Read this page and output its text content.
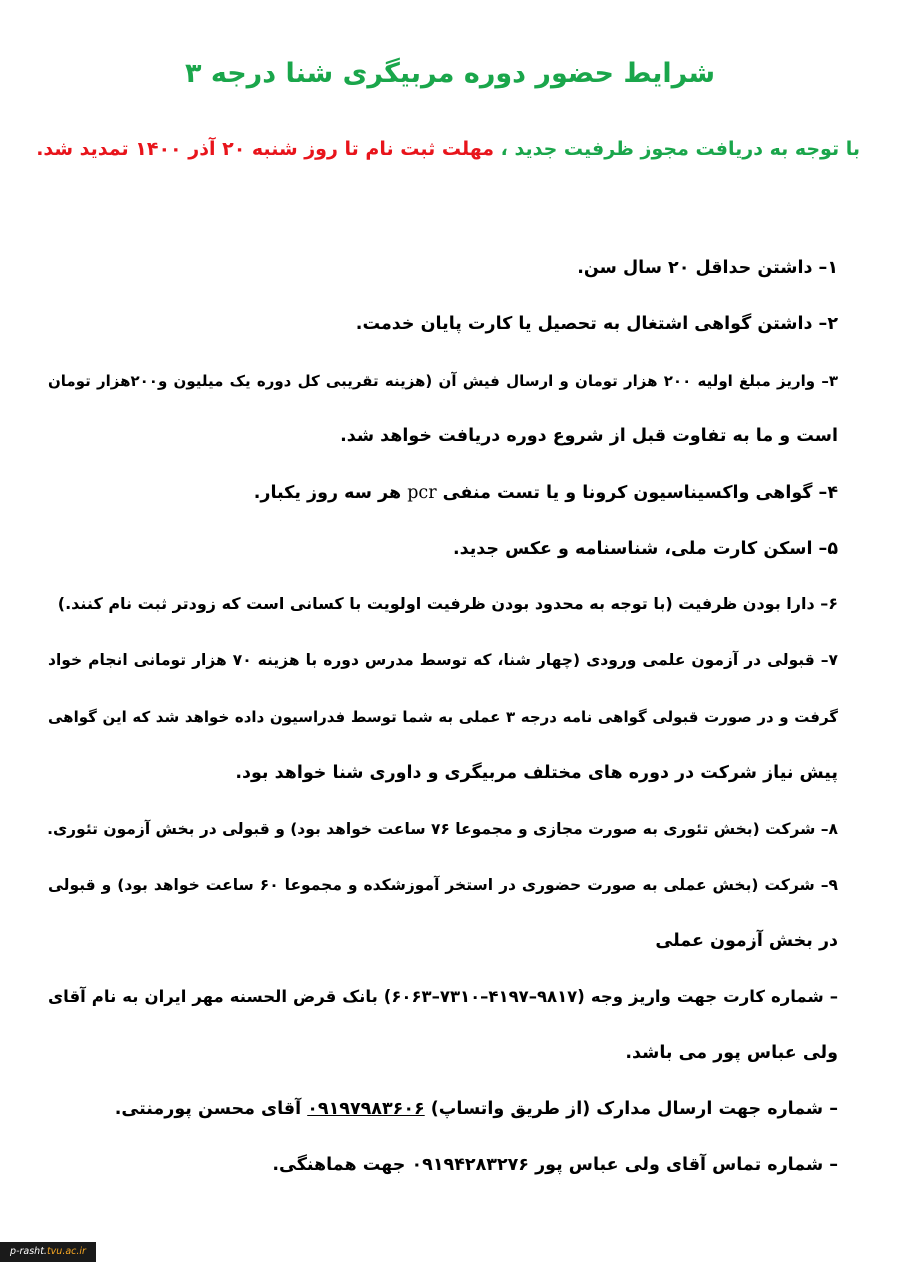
شرایط حضور دوره مربیگری شنا درجه ۳
با توجه به دریافت مجوز ظرفیت جدید ، مهلت ثبت نام تا روز شنبه ۲۰ آذر ۱۴۰۰ تمدید شد.
۱– داشتن حداقل ۲۰ سال سن.
۲– داشتن گواهی اشتغال به تحصیل یا کارت پایان خدمت.
۳– واریز مبلغ اولیه ۲۰۰ هزار تومان و ارسال فیش آن (هزینه تقریبی کل دوره یک میلیون و۲۰۰هزار تومان
است و ما به تفاوت قبل از شروع دوره دریافت خواهد شد.
۴– گواهی واکسیناسیون کرونا و یا تست منفی pcr هر سه روز یکبار.
۵– اسکن کارت ملی، شناسنامه و عکس جدید.
۶– دارا بودن ظرفیت (با توجه به محدود بودن ظرفیت اولویت با کسانی است که زودتر ثبت نام کنند.)
۷– قبولی در آزمون علمی ورودی (چهار شنا، که توسط مدرس دوره با هزینه ۷۰ هزار تومانی انجام خواد
گرفت و در صورت قبولی گواهی نامه درجه ۳ عملی به شما توسط فدراسیون داده خواهد شد که این گواهی
پیش نیاز شرکت در دوره های مختلف مربیگری و داوری شنا خواهد بود.
۸– شرکت (بخش تئوری به صورت مجازی و مجموعا ۷۶ ساعت خواهد بود) و قبولی در بخش آزمون تئوری.
۹– شرکت (بخش عملی به صورت حضوری در استخر آموزشکده و مجموعا ۶۰ ساعت خواهد بود) و قبولی
در بخش آزمون عملی
– شماره کارت جهت واریز وجه (۹۸۱۷–۴۱۹۷–۷۳۱۰–۶۰۶۳) بانک قرض الحسنه مهر ایران به نام آقای
ولی عباس پور می باشد.
– شماره جهت ارسال مدارک (از طریق واتساپ) ۰۹۱۹۷۹۸۳۶۰۶ آقای محسن پورمنتی.
– شماره تماس آقای ولی عباس پور ۰۹۱۹۴۲۸۳۲۷۶ جهت هماهنگی.
p-rasht.tvu.ac.ir
